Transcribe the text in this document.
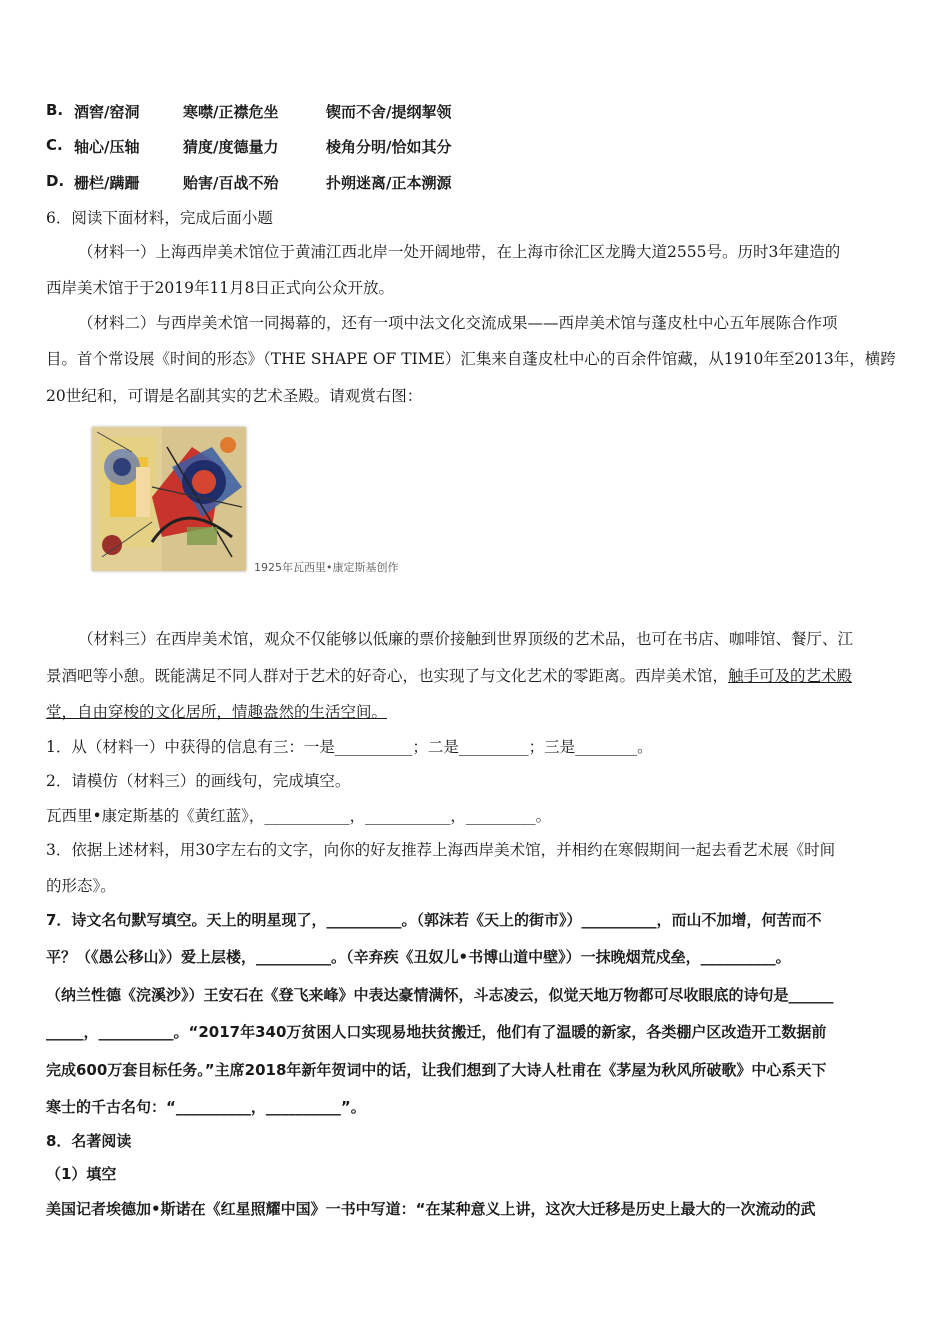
B. 酒窖/窑洞	寒噤/正襟危坐	锲而不舍/提纲挈领
C. 轴心/压轴	猜度/度德量力	棱角分明/恰如其分
D. 栅栏/蹒跚	贻害/百战不殆	扑朔迷离/正本溯源
6．阅读下面材料，完成后面小题
（材料一）上海西岸美术馆位于黄浦江西北岸一处开阔地带，在上海市徐汇区龙腾大道2555号。历时3年建造的
西岸美术馆于于2019年11月8日正式向公众开放。
（材料二）与西岸美术馆一同揭幕的，还有一项中法文化交流成果——西岸美术馆与蓬皮杜中心五年展陈合作项
目。首个常设展《时间的形态》（THE SHAPE OF TIME）汇集来自蓬皮杜中心的百余件馆藏，从1910年至2013年，横跨
20世纪和，可谓是名副其实的艺术圣殿。请观赏右图：
1925年瓦西里•康定斯基创作
（材料三）在西岸美术馆，观众不仅能够以低廉的票价接触到世界顶级的艺术品，也可在书店、咖啡馆、餐厅、江
景酒吧等小憩。既能满足不同人群对于艺术的好奇心，也实现了与文化艺术的零距离。西岸美术馆，触手可及的艺术殿
堂，自由穿梭的文化居所，情趣盎然的生活空间。
1．从（材料一）中获得的信息有三：一是__________；二是_________；三是________。
2．请模仿（材料三）的画线句，完成填空。
瓦西里•康定斯基的《黄红蓝》，___________，___________，_________。
3．依据上述材料，用30字左右的文字，向你的好友推荐上海西岸美术馆，并相约在寒假期间一起去看艺术展《时间
的形态》。
7．诗文名句默写填空。天上的明星现了，__________。（郭沫若《天上的街市》）__________，而山不加增，何苦而不
平？（《愚公移山》）爱上层楼，__________。（辛弃疾《丑奴儿•书博山道中壁》）一抹晚烟荒戍垒，__________。
（纳兰性德《浣溪沙》）王安石在《登飞来峰》中表达豪情满怀，斗志凌云，似觉天地万物都可尽收眼底的诗句是______
_____，__________。“2017年340万贫困人口实现易地扶贫搬迁，他们有了温暖的新家，各类棚户区改造开工数据前
完成600万套目标任务。”主席2018年新年贺词中的话，让我们想到了大诗人杜甫在《茅屋为秋风所破歌》中心系天下
寒士的千古名句：“__________，__________”。
8．名著阅读
（1）填空
美国记者埃德加•斯诺在《红星照耀中国》一书中写道：“在某种意义上讲，这次大迁移是历史上最大的一次流动的武
